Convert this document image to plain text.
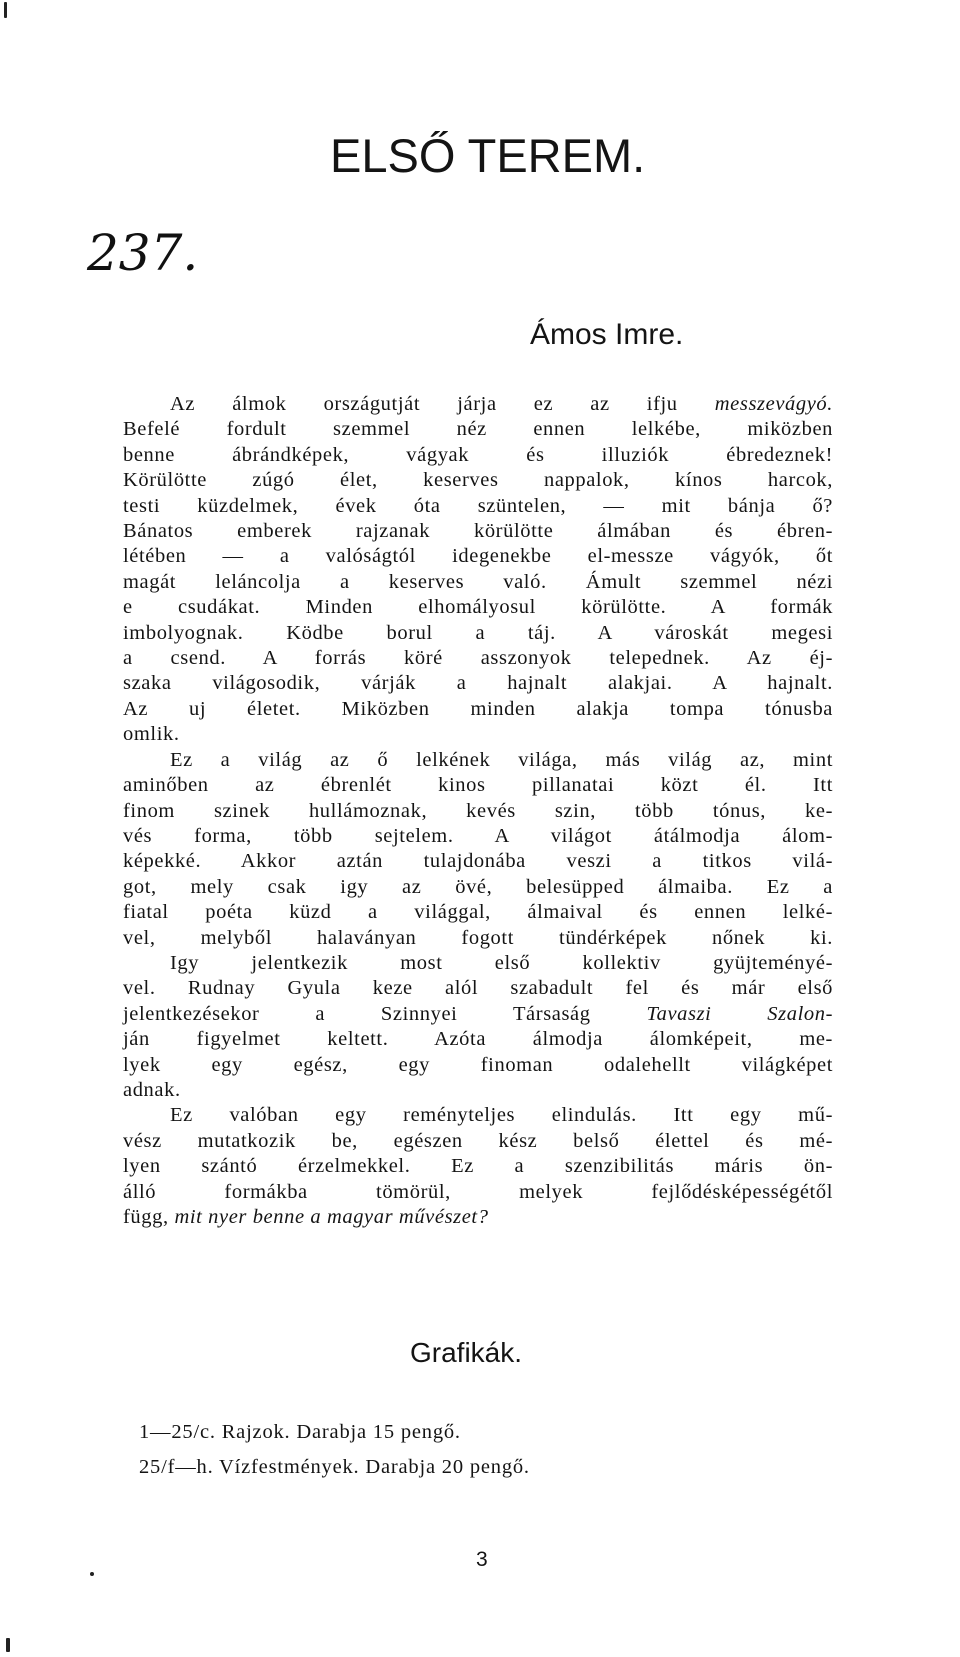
ELSŐ TEREM.
237.
Ámos Imre.
Az álmok országutját járja ez az ifju messzevágyó.
Befelé fordult szemmel néz ennen lelkébe, miközben
benne ábrándképek, vágyak és illuziók ébredeznek!
Körülötte zúgó élet, keserves nappalok, kínos harcok,
testi küzdelmek, évek óta szüntelen, — mit bánja ő?
Bánatos emberek rajzanak körülötte álmában és ébren-
létében — a valóságtól idegenekbe el-messze vágyók, őt
magát leláncolja a keserves való. Ámult szemmel nézi
e csudákat. Minden elhomályosul körülötte. A formák
imbolyognak. Ködbe borul a táj. A városkát megesi
a csend. A forrás köré asszonyok telepednek. Az éj-
szaka világosodik, várják a hajnalt alakjai. A hajnalt.
Az uj életet. Miközben minden alakja tompa tónusba
omlik.
Ez a világ az ő lelkének világa, más világ az, mint
aminőben az ébrenlét kinos pillanatai közt él. Itt
finom szinek hullámoznak, kevés szin, több tónus, ke-
vés forma, több sejtelem. A világot átálmodja álom-
képekké. Akkor aztán tulajdonába veszi a titkos vilá-
got, mely csak igy az övé, belesüpped álmaiba. Ez a
fiatal poéta küzd a világgal, álmaival és ennen lelké-
vel, melyből halaványan fogott tündérképek nőnek ki.
Igy jelentkezik most első kollektiv gyüjteményé-
vel. Rudnay Gyula keze alól szabadult fel és már első
jelentkezésekor a Szinnyei Társaság Tavaszi Szalon-
ján figyelmet keltett. Azóta álmodja álomképeit, me-
lyek egy egész, egy finoman odalehellt világképet
adnak.
Ez valóban egy reményteljes elindulás. Itt egy mű-
vész mutatkozik be, egészen kész belső élettel és mé-
lyen szántó érzelmekkel. Ez a szenzibilitás máris ön-
álló formákba tömörül, melyek fejlődésképességétől
függ, mit nyer benne a magyar művészet?
Grafikák.
1—25/c. Rajzok. Darabja 15 pengő.
25/f—h. Vízfestmények. Darabja 20 pengő.
3
